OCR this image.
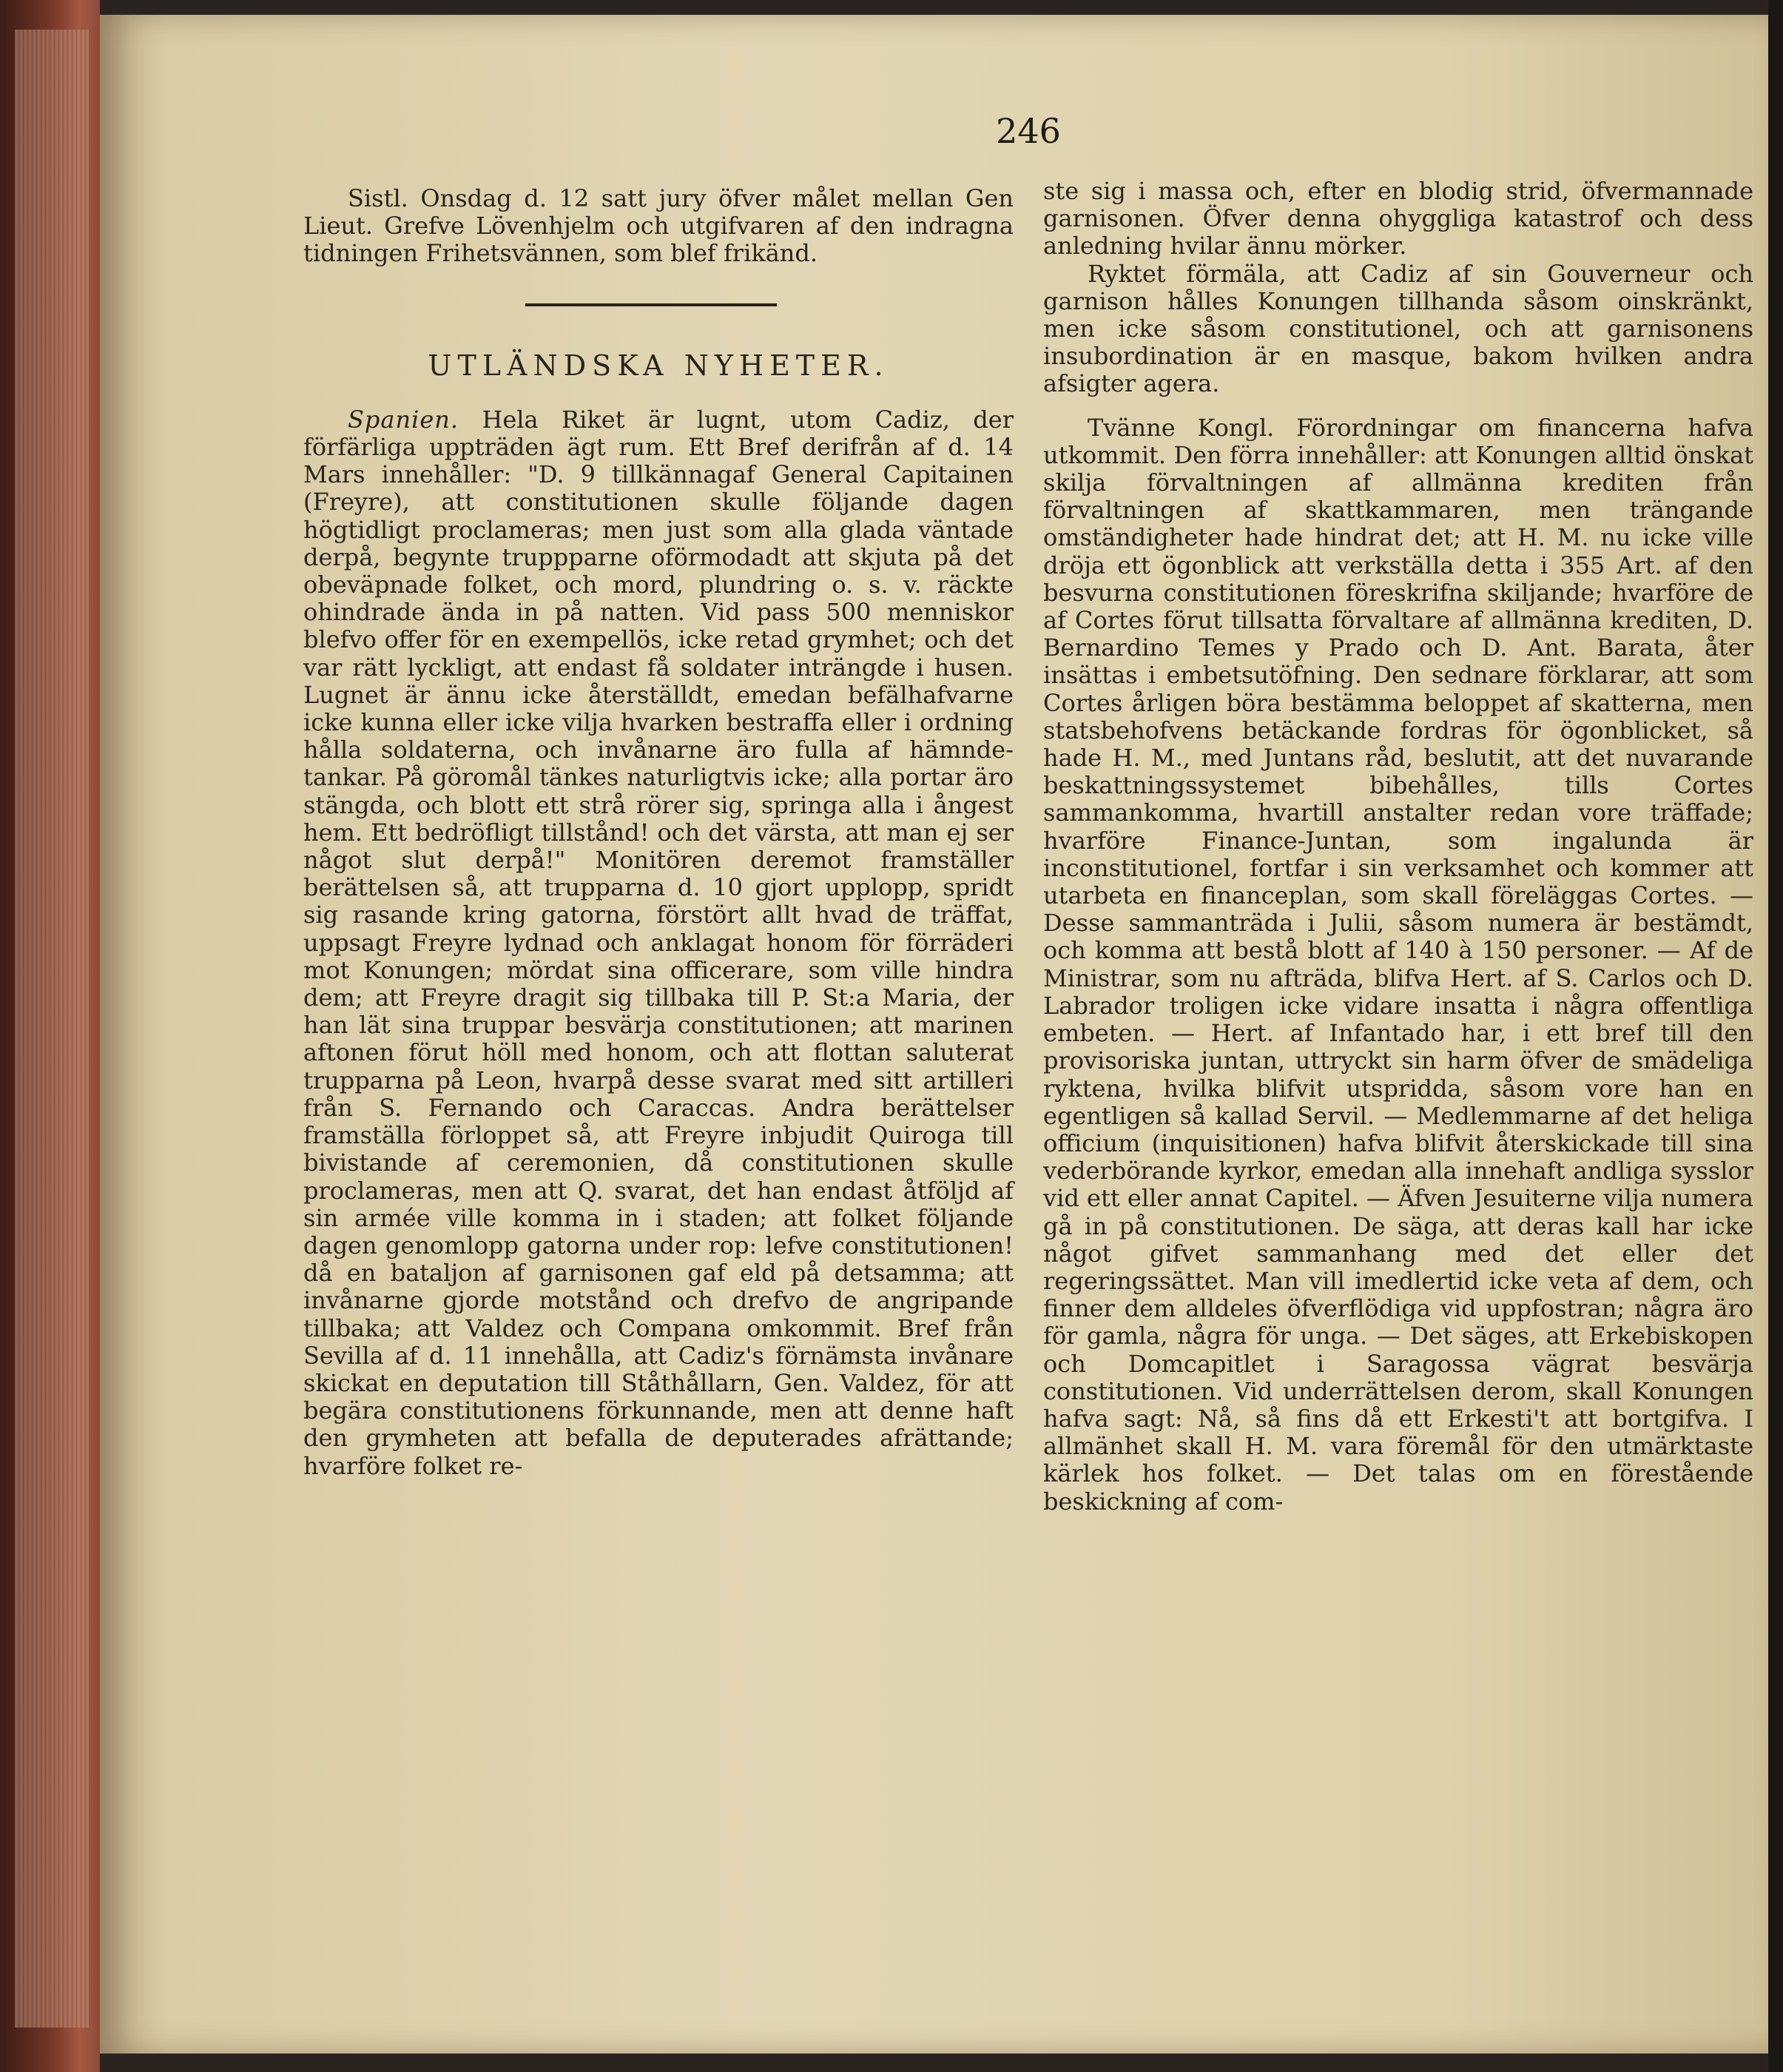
246

Sistl. Onsdag d. 12 satt jury öfver målet mellan Gen Lieut. Grefve Lövenhjelm och utgifvaren af den indragna tidningen Frihetsvännen, som blef frikänd.

UTLÄNDSKA NYHETER.

Spanien. Hela Riket är lugnt, utom Cadiz, der förfärliga uppträden ägt rum. Ett Bref derifrån af d. 14 Mars innehåller: "D. 9 tillkännagaf General Capitainen (Freyre), att constitutionen skulle följande dagen högtidligt proclameras; men just som alla glada väntade derpå, begynte truppparne oförmodadt att skjuta på det obeväpnade folket, och mord, plundring o. s. v. räckte ohindrade ända in på natten. Vid pass 500 menniskor blefvo offer för en exempellös, icke retad grymhet; och det var rätt lyckligt, att endast få soldater inträngde i husen. Lugnet är ännu icke återställdt, emedan befälhafvarne icke kunna eller icke vilja hvarken bestraffa eller i ordning hålla soldaterna, och invånarne äro fulla af hämnde-tankar. På göromål tänkes naturligtvis icke; alla portar äro stängda, och blott ett strå rörer sig, springa alla i ångest hem. Ett bedröfligt tillstånd! och det värsta, att man ej ser något slut derpå!" Monitören deremot framställer berättelsen så, att trupparna d. 10 gjort upplopp, spridt sig rasande kring gatorna, förstört allt hvad de träffat, uppsagt Freyre lydnad och anklagat honom för förräderi mot Konungen; mördat sina officerare, som ville hindra dem; att Freyre dragit sig tillbaka till P. St:a Maria, der han lät sina truppar besvärja constitutionen; att marinen aftonen förut höll med honom, och att flottan saluterat trupparna på Leon, hvarpå desse svarat med sitt artilleri från S. Fernando och Caraccas. Andra berättelser framställa förloppet så, att Freyre inbjudit Quiroga till bivistande af ceremonien, då constitutionen skulle proclameras, men att Q. svarat, det han endast åtföljd af sin armée ville komma in i staden; att folket följande dagen genomlopp gatorna under rop: lefve constitutionen! då en bataljon af garnisonen gaf eld på detsamma; att invånarne gjorde motstånd och drefvo de angripande tillbaka; att Valdez och Compana omkommit. Bref från Sevilla af d. 11 innehålla, att Cadiz's förnämsta invånare skickat en deputation till Ståthållarn, Gen. Valdez, för att begära constitutionens förkunnande, men att denne haft den grymheten att befalla de deputerades afrättande; hvarföre folket re-

ste sig i massa och, efter en blodig strid, öfvermannade garnisonen. Öfver denna ohyggliga katastrof och dess anledning hvilar ännu mörker.

Ryktet förmäla, att Cadiz af sin Gouverneur och garnison hålles Konungen tillhanda såsom oinskränkt, men icke såsom constitutionel, och att garnisonens insubordination är en masque, bakom hvilken andra afsigter agera.

Tvänne Kongl. Förordningar om financerna hafva utkommit. Den förra innehåller: att Konungen alltid önskat skilja förvaltningen af allmänna krediten från förvaltningen af skattkammaren, men trängande omständigheter hade hindrat det; att H. M. nu icke ville dröja ett ögonblick att verkställa detta i 355 Art. af den besvurna constitutionen föreskrifna skiljande; hvarföre de af Cortes förut tillsatta förvaltare af allmänna krediten, D. Bernardino Temes y Prado och D. Ant. Barata, åter insättas i embetsutöfning. Den sednare förklarar, att som Cortes årligen böra bestämma beloppet af skatterna, men statsbehofvens betäckande fordras för ögonblicket, så hade H. M., med Juntans råd, beslutit, att det nuvarande beskattningssystemet bibehålles, tills Cortes sammankomma, hvartill anstalter redan vore träffade; hvarföre Finance-Juntan, som ingalunda är inconstitutionel, fortfar i sin verksamhet och kommer att utarbeta en financeplan, som skall föreläggas Cortes. — Desse sammanträda i Julii, såsom numera är bestämdt, och komma att bestå blott af 140 à 150 personer. — Af de Ministrar, som nu afträda, blifva Hert. af S. Carlos och D. Labrador troligen icke vidare insatta i några offentliga embeten. — Hert. af Infantado har, i ett bref till den provisoriska juntan, uttryckt sin harm öfver de smädeliga ryktena, hvilka blifvit utspridda, såsom vore han en egentligen så kallad Servil. — Medlemmarne af det heliga officium (inquisitionen) hafva blifvit återskickade till sina vederbörande kyrkor, emedan alla innehaft andliga sysslor vid ett eller annat Capitel. — Äfven Jesuiterne vilja numera gå in på constitutionen. De säga, att deras kall har icke något gifvet sammanhang med det eller det regeringssättet. Man vill imedlertid icke veta af dem, och finner dem alldeles öfverflödiga vid uppfostran; några äro för gamla, några för unga. — Det säges, att Erkebiskopen och Domcapitlet i Saragossa vägrat besvärja constitutionen. Vid underrättelsen derom, skall Konungen hafva sagt: Nå, så fins då ett Erkesti't att bortgifva. I allmänhet skall H. M. vara föremål för den utmärktaste kärlek hos folket. — Det talas om en förestående beskickning af com-
